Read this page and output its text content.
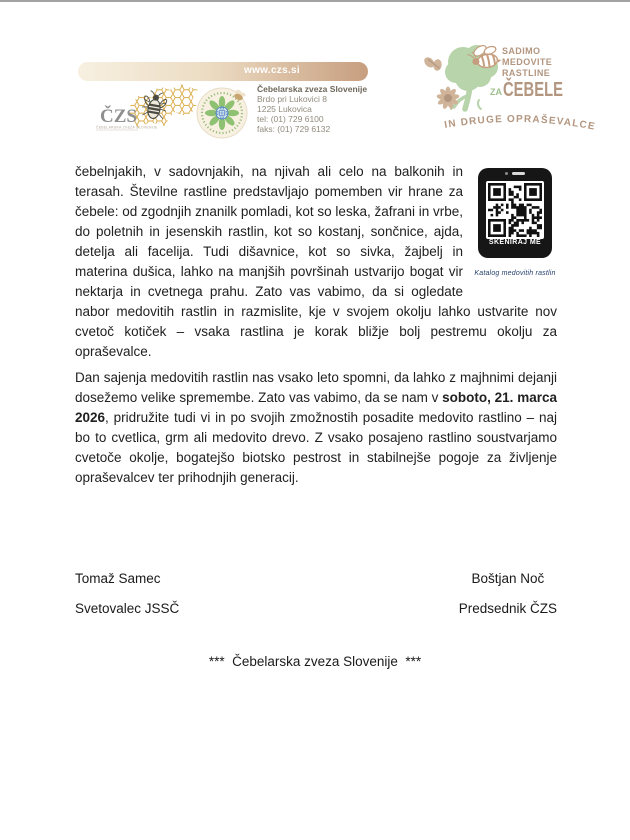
www.czs.si
ČZS
ČEBELARSKA ZVEZA SLOVENIJE
Čebelarska zveza Slovenije
Brdo pri Lukovici 8
1225 Lukovica
tel: (01) 729 6100
faks: (01) 729 6132
SADIMO
MEDOVITE
RASTLINE
ZA ČEBELE
IN DRUGE OPRAŠEVALCE
SKENIRAJ ME
Katalog medovitih rastlin
čebelnjakih, v sadovnjakih, na njivah ali celo na balkonih in terasah. Številne rastline predstavljajo pomemben vir hrane za čebele: od zgodnjih znanilk pomladi, kot so leska, žafrani in vrbe, do poletnih in jesenskih rastlin, kot so kostanj, sončnice, ajda, detelja ali facelija. Tudi dišavnice, kot so sivka, žajbelj in materina dušica, lahko na manjših površinah ustvarijo bogat vir nektarja in cvetnega prahu. Zato vas vabimo, da si ogledate nabor medovitih rastlin in razmislite, kje v svojem okolju lahko ustvarite nov cvetoč kotiček – vsaka rastlina je korak bližje bolj pestremu okolju za opraševalce.
Dan sajenja medovitih rastlin nas vsako leto spomni, da lahko z majhnimi dejanji dosežemo velike spremembe. Zato vas vabimo, da se nam v soboto, 21. marca 2026, pridružite tudi vi in po svojih zmožnostih posadite medovito rastlino – naj bo to cvetlica, grm ali medovito drevo. Z vsako posajeno rastlino soustvarjamo cvetoče okolje, bogatejšo biotsko pestrost in stabilnejše pogoje za življenje opraševalcev ter prihodnjih generacij.
Tomaž Samec
Svetovalec JSSČ
Boštjan Noč
Predsednik ČZS
***  Čebelarska zveza Slovenije  ***
